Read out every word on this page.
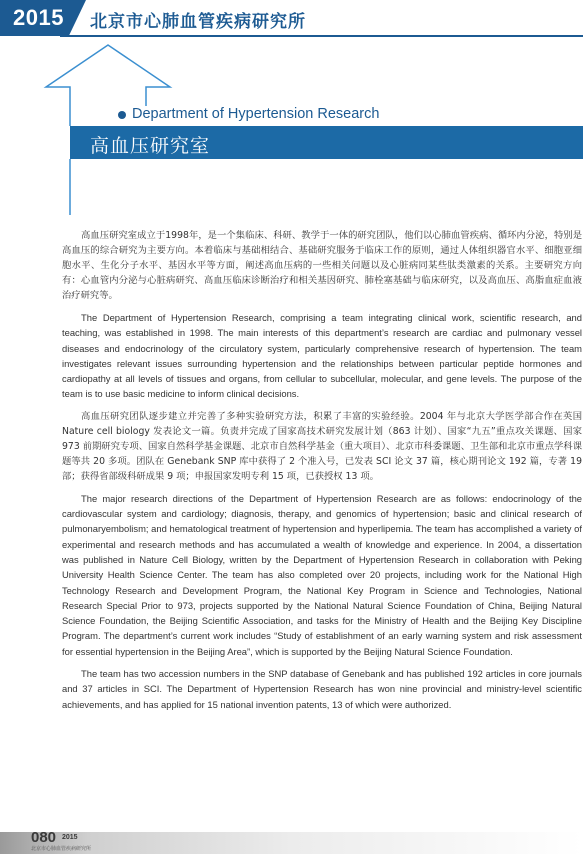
2015 北京市心肺血管疾病研究所
Department of Hypertension Research
高血压研究室

高血压研究室成立于1998年，是一个集临床、科研、教学于一体的研究团队，他们以心肺血管疾病、循环内分泌，特别是高血压的综合研究为主要方向。本着临床与基础相结合、基础研究服务于临床工作的原则，通过人体组织器官水平、细胞亚细胞水平、生化分子水平、基因水平等方面，阐述高血压病的一些相关问题以及心脏病同某些肽类激素的关系。主要研究方向有：心血管内分泌与心脏病研究、高血压临床诊断治疗和相关基因研究、肺栓塞基础与临床研究，以及高血压、高脂血症血液治疗研究等。

The Department of Hypertension Research, comprising a team integrating clinical work, scientific research, and teaching, was established in 1998. The main interests of this department’s research are cardiac and pulmonary vessel diseases and endocrinology of the circulatory system, particularly comprehensive research of hypertension. The team investigates relevant issues surrounding hypertension and the relationships between particular peptide hormones and cardiopathy at all levels of tissues and organs, from cellular to subcellular, molecular, and gene levels. The purpose of the team is to use basic medicine to inform clinical decisions.

高血压研究团队逐步建立并完善了多种实验研究方法，积累了丰富的实验经验。2004 年与北京大学医学部合作在英国 Nature cell biology 发表论文一篇。负责并完成了国家高技术研究发展计划（863 计划）、国家“九五”重点攻关课题、国家 973 前期研究专项、国家自然科学基金课题、北京市自然科学基金（重大项目）、北京市科委课题、卫生部和北京市重点学科课题等共 20 多项。团队在 Genebank SNP 库中获得了 2 个准入号，已发表 SCI 论文 37 篇，核心期刊论文 192 篇，专著 19 部；获得省部级科研成果 9 项；申报国家发明专利 15 项，已获授权 13 项。

The major research directions of the Department of Hypertension Research are as follows: endocrinology of the cardiovascular system and cardiology; diagnosis, therapy, and genomics of hypertension; basic and clinical research of pulmonaryembolism; and hematological treatment of hypertension and hyperlipemia. The team has accomplished a variety of experimental and research methods and has accumulated a wealth of knowledge and experience. In 2004, a dissertation was published in Nature Cell Biology, written by the Department of Hypertension Research in collaboration with Peking University Health Science Center. The team has also completed over 20 projects, including work for the National High Technology Research and Development Program, the National Key Program in Science and Technologies, National Research Special Prior to 973, projects supported by the National Natural Science Foundation of China, Beijing Natural Science Foundation, the Beijing Scientific Association, and tasks for the Ministry of Health and the Beijing Key Discipline Program. The department’s current work includes “Study of establishment of an early warning system and risk assessment for essential hypertension in the Beijing Area”, which is supported by the Beijing Natural Science Foundation.

The team has two accession numbers in the SNP database of Genebank and has published 192 articles in core journals and 37 articles in SCI. The Department of Hypertension Research has won nine provincial and ministry-level scientific achievements, and has applied for 15 national invention patents, 13 of which were authorized.

080 2015
北京市心肺血管疾病研究所
